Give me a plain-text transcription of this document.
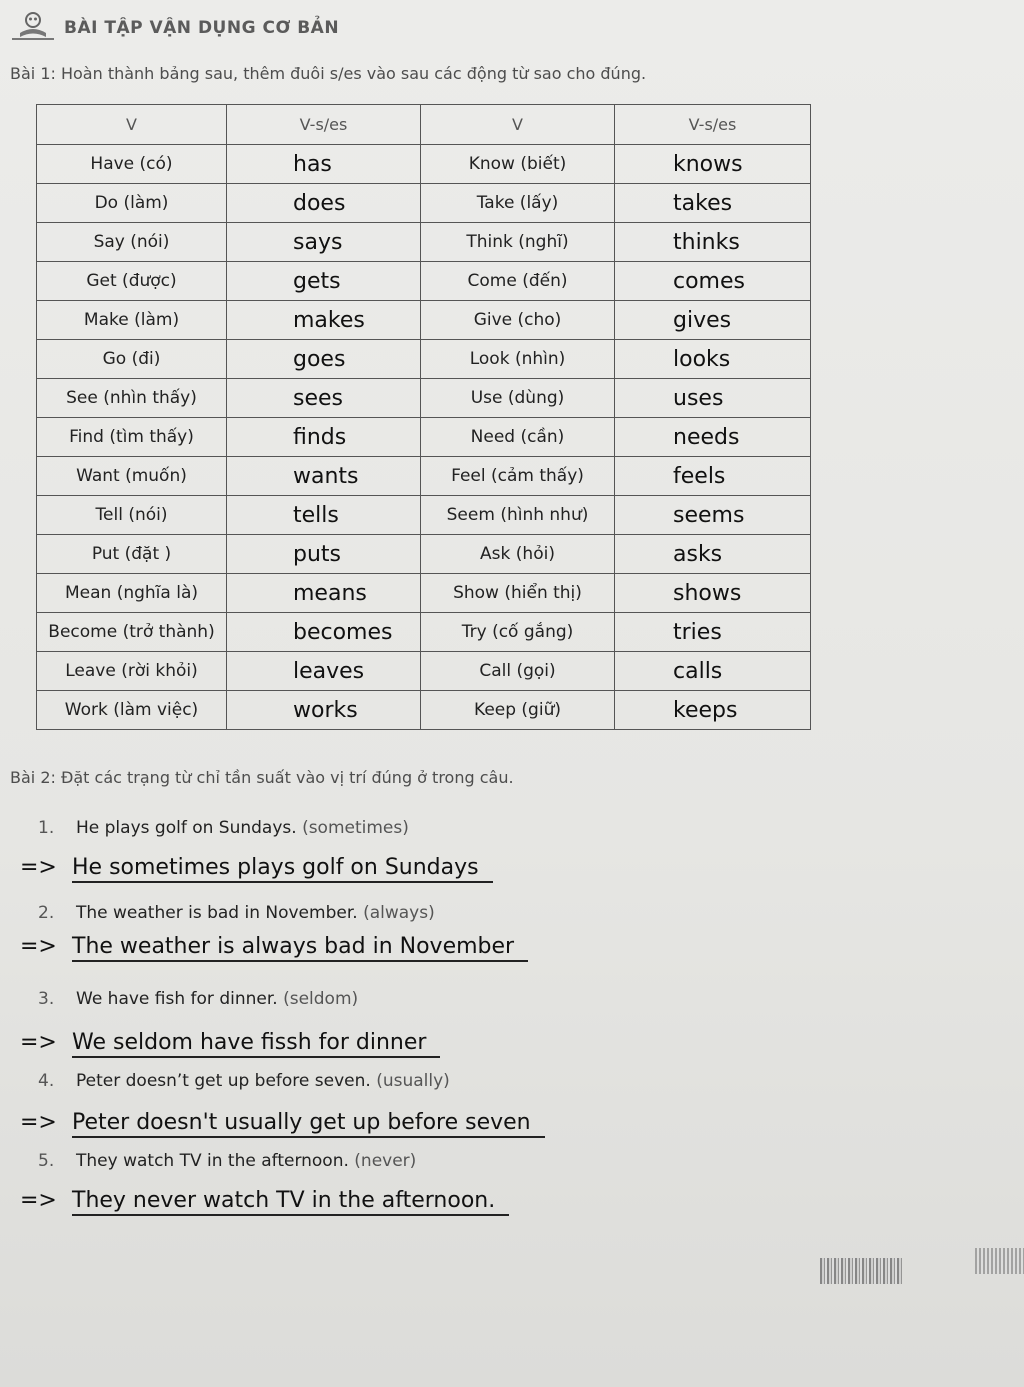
BÀI TẬP VẬN DỤNG CƠ BẢN
Bài 1: Hoàn thành bảng sau, thêm đuôi s/es vào sau các động từ sao cho đúng.
V	V-s/es	V	V-s/es
Have (có)	has	Know (biết)	knows
Do (làm)	does	Take (lấy)	takes
Say (nói)	says	Think (nghĩ)	thinks
Get (được)	gets	Come (đến)	comes
Make (làm)	makes	Give (cho)	gives
Go (đi)	goes	Look (nhìn)	looks
See (nhìn thấy)	sees	Use (dùng)	uses
Find (tìm thấy)	finds	Need (cần)	needs
Want (muốn)	wants	Feel (cảm thấy)	feels
Tell (nói)	tells	Seem (hình như)	seems
Put (đặt )	puts	Ask (hỏi)	asks
Mean (nghĩa là)	means	Show (hiển thị)	shows
Become (trở thành)	becomes	Try (cố gắng)	tries
Leave (rời khỏi)	leaves	Call (gọi)	calls
Work (làm việc)	works	Keep (giữ)	keeps
Bài 2: Đặt các trạng từ chỉ tần suất vào vị trí đúng ở trong câu.
1. He plays golf on Sundays. (sometimes)
=> He sometimes plays golf on Sundays
2. The weather is bad in November. (always)
=> The weather is always bad in November
3. We have fish for dinner. (seldom)
=> We seldom have fissh for dinner
4. Peter doesn’t get up before seven. (usually)
=> Peter doesn't usually get up before seven
5. They watch TV in the afternoon. (never)
=> They never watch TV in the afternoon.
